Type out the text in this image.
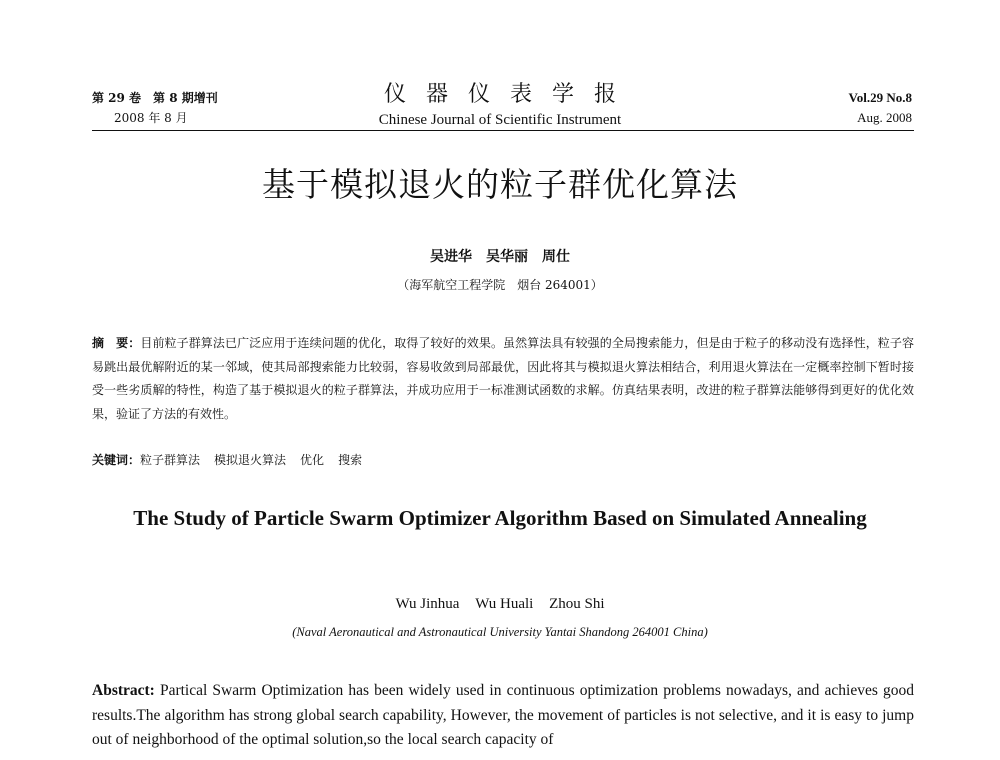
第 29 卷　第 8 期增刊
2008 年 8 月
仪器仪表学报
Chinese Journal of Scientific Instrument
Vol.29 No.8
Aug. 2008
基于模拟退火的粒子群优化算法
吴进华　吴华丽　周仕
（海军航空工程学院　烟台 264001）
摘　要：目前粒子群算法已广泛应用于连续问题的优化，取得了较好的效果。虽然算法具有较强的全局搜索能力，但是由于粒子的移动没有选择性，粒子容易跳出最优解附近的某一邻域，使其局部搜索能力比较弱，容易收敛到局部最优，因此将其与模拟退火算法相结合，利用退火算法在一定概率控制下暂时接受一些劣质解的特性，构造了基于模拟退火的粒子群算法，并成功应用于一标准测试函数的求解。仿真结果表明，改进的粒子群算法能够得到更好的优化效果，验证了方法的有效性。
关键词：粒子群算法 模拟退火算法 优化 搜索
The Study of Particle Swarm Optimizer Algorithm Based on Simulated Annealing
Wu Jinhua Wu Huali Zhou Shi
(Naval Aeronautical and Astronautical University Yantai Shandong 264001 China)
Abstract: Partical Swarm Optimization has been widely used in continuous optimization problems nowadays, and achieves good results.The algorithm has strong global search capability, However, the movement of particles is not selective, and it is easy to jump out of neighborhood of the optimal solution,so the local search capacity of
